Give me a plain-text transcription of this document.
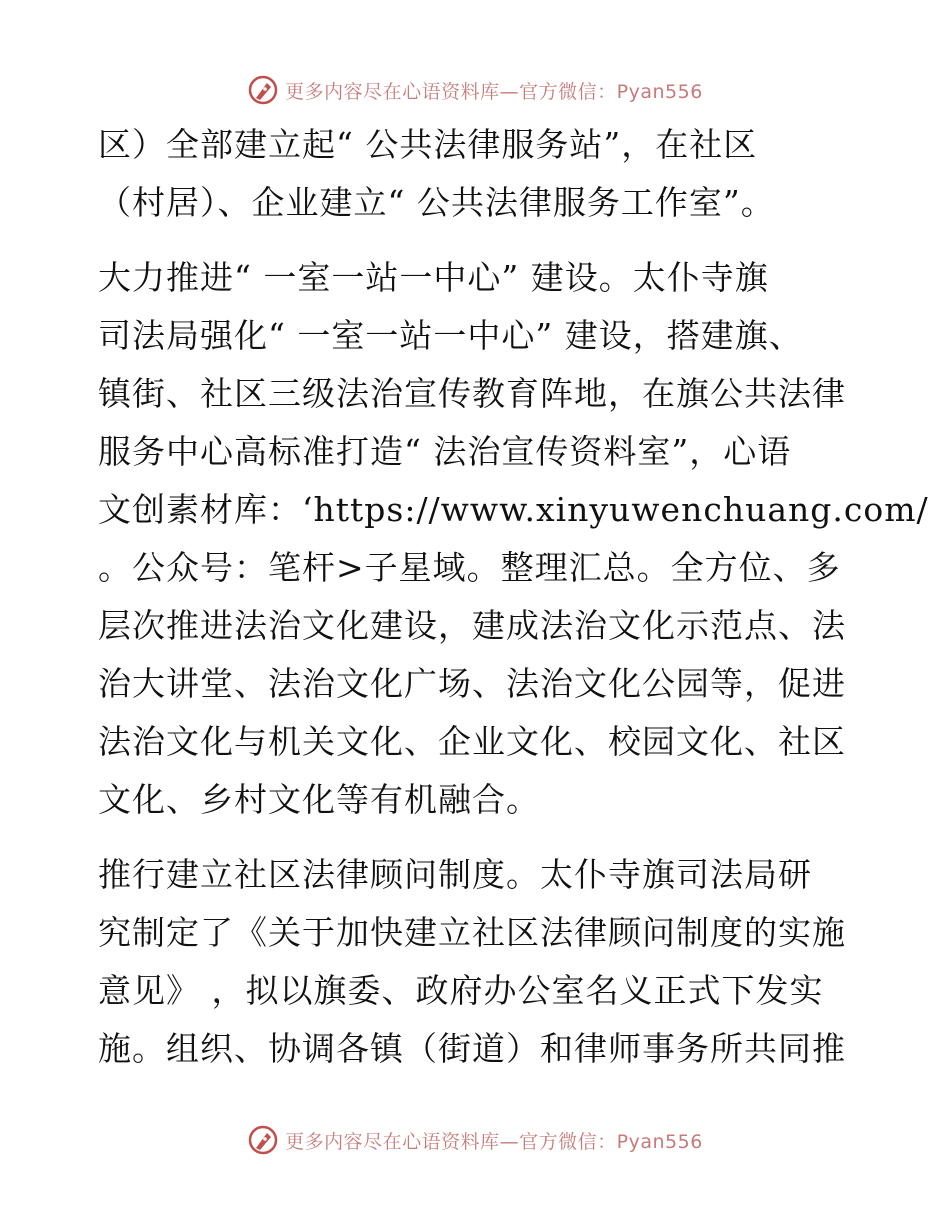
更多内容尽在心语资料库—官方微信：Pyan556

区）全部建立起“ 公共法律服务站”，在社区
（村居）、企业建立“ 公共法律服务工作室”。

大力推进“ 一室一站一中心” 建设。太仆寺旗
司法局强化“ 一室一站一中心” 建设，搭建旗、
镇街、社区三级法治宣传教育阵地，在旗公共法律
服务中心高标准打造“ 法治宣传资料室”，心语
文创素材库：‘https://www.xinyuwenchuang.com/
。公众号：笔杆>子星域。整理汇总。全方位、多
层次推进法治文化建设，建成法治文化示范点、法
治大讲堂、法治文化广场、法治文化公园等，促进
法治文化与机关文化、企业文化、校园文化、社区
文化、乡村文化等有机融合。

推行建立社区法律顾问制度。太仆寺旗司法局研
究制定了《关于加快建立社区法律顾问制度的实施
意见》 ，拟以旗委、政府办公室名义正式下发实
施。组织、协调各镇（街道）和律师事务所共同推

更多内容尽在心语资料库—官方微信：Pyan556
